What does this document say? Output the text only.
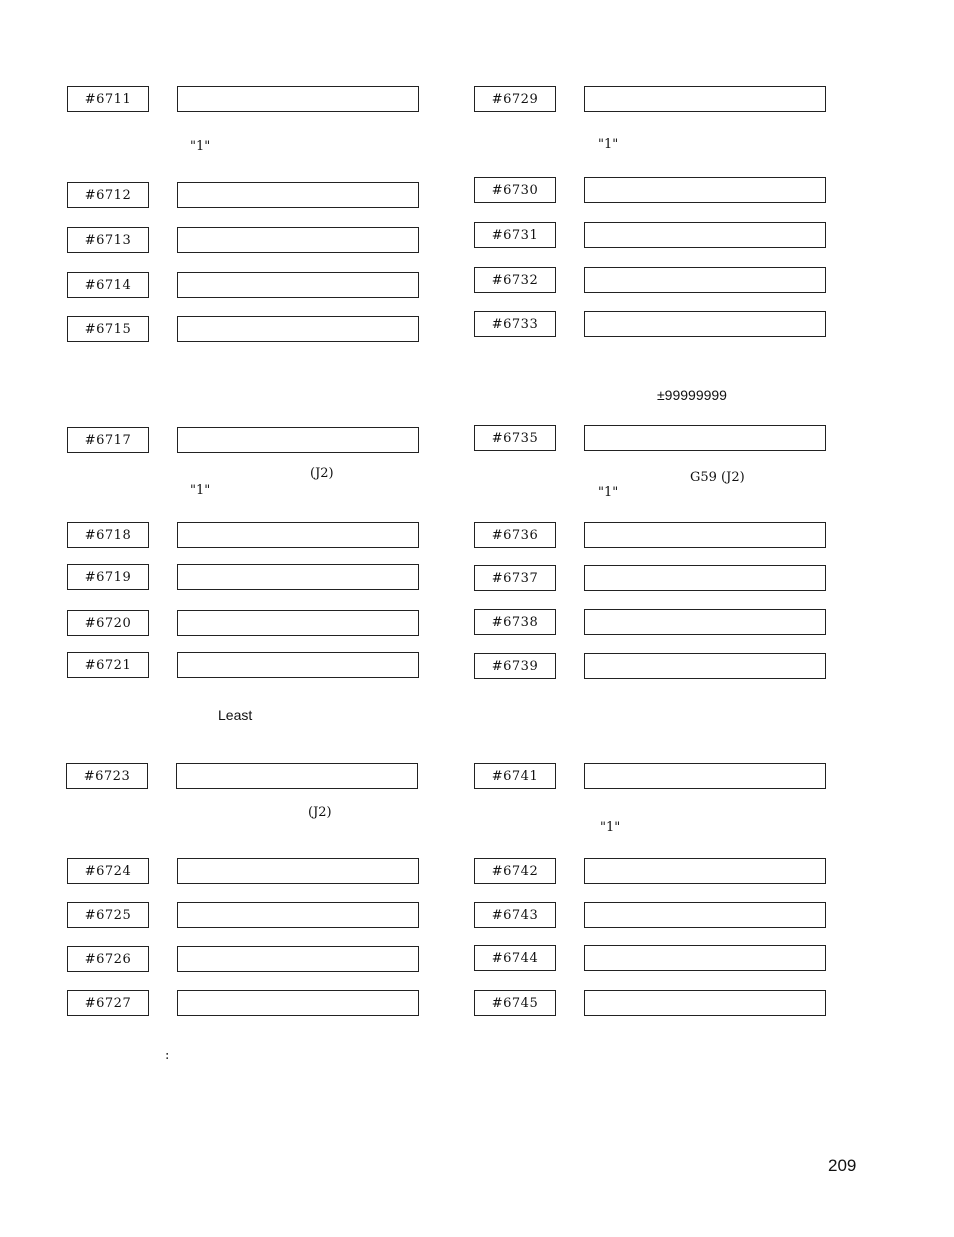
#6711
#6712
#6713
#6714
#6715
#6717
#6718
#6719
#6720
#6721
#6723
#6724
#6725
#6726
#6727
#6729
#6730
#6731
#6732
#6733
#6735
#6736
#6737
#6738
#6739
#6741
#6742
#6743
#6744
#6745
"1"	"1"
±99999999
(J2)
"1"
G59 (J2)
"1"
Least
(J2)
"1"
:
209
